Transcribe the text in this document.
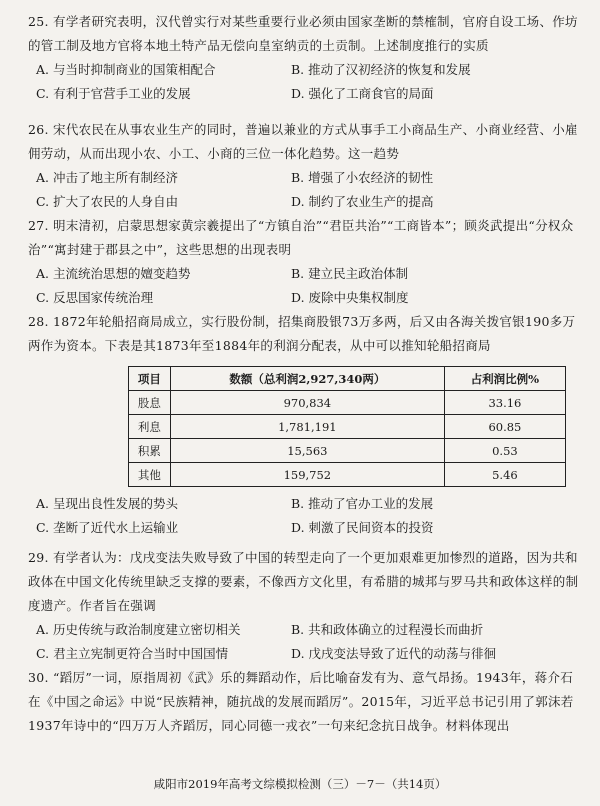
25. 有学者研究表明，汉代曾实行对某些重要行业必须由国家垄断的禁榷制，官府自设工场、作坊的管工制及地方官将本地土特产品无偿向皇室纳贡的土贡制。上述制度推行的实质
A. 与当时抑制商业的国策相配合	B. 推动了汉初经济的恢复和发展
C. 有利于官营手工业的发展	D. 强化了工商食官的局面
26. 宋代农民在从事农业生产的同时，普遍以兼业的方式从事手工小商品生产、小商业经营、小雇佣劳动，从而出现小农、小工、小商的三位一体化趋势。这一趋势
A. 冲击了地主所有制经济	B. 增强了小农经济的韧性
C. 扩大了农民的人身自由	D. 制约了农业生产的提高
27. 明末清初，启蒙思想家黄宗羲提出了“方镇自治”“君臣共治”“工商皆本”；顾炎武提出“分权众治”“寓封建于郡县之中”，这些思想的出现表明
A. 主流统治思想的嬗变趋势	B. 建立民主政治体制
C. 反思国家传统治理	D. 废除中央集权制度
28. 1872年轮船招商局成立，实行股份制，招集商股银73万多两，后又由各海关拨官银190多万两作为资本。下表是其1873年至1884年的利润分配表，从中可以推知轮船招商局
项目	数额（总利润2,927,340两）	占利润比例%
股息	970,834	33.16
利息	1,781,191	60.85
积累	15,563	0.53
其他	159,752	5.46
A. 呈现出良性发展的势头	B. 推动了官办工业的发展
C. 垄断了近代水上运输业	D. 刺激了民间资本的投资
29. 有学者认为：戊戌变法失败导致了中国的转型走向了一个更加艰难更加惨烈的道路，因为共和政体在中国文化传统里缺乏支撑的要素，不像西方文化里，有希腊的城邦与罗马共和政体这样的制度遗产。作者旨在强调
A. 历史传统与政治制度建立密切相关	B. 共和政体确立的过程漫长而曲折
C. 君主立宪制更符合当时中国国情	D. 戊戌变法导致了近代的动荡与徘徊
30. “蹈厉”一词，原指周初《武》乐的舞蹈动作，后比喻奋发有为、意气昂扬。1943年，蒋介石在《中国之命运》中说“民族精神，随抗战的发展而蹈厉”。2015年，习近平总书记引用了郭沫若1937年诗中的“四万万人齐蹈厉，同心同德一戎衣”一句来纪念抗日战争。材料体现出
咸阳市2019年高考文综模拟检测（三）－7－（共14页）
